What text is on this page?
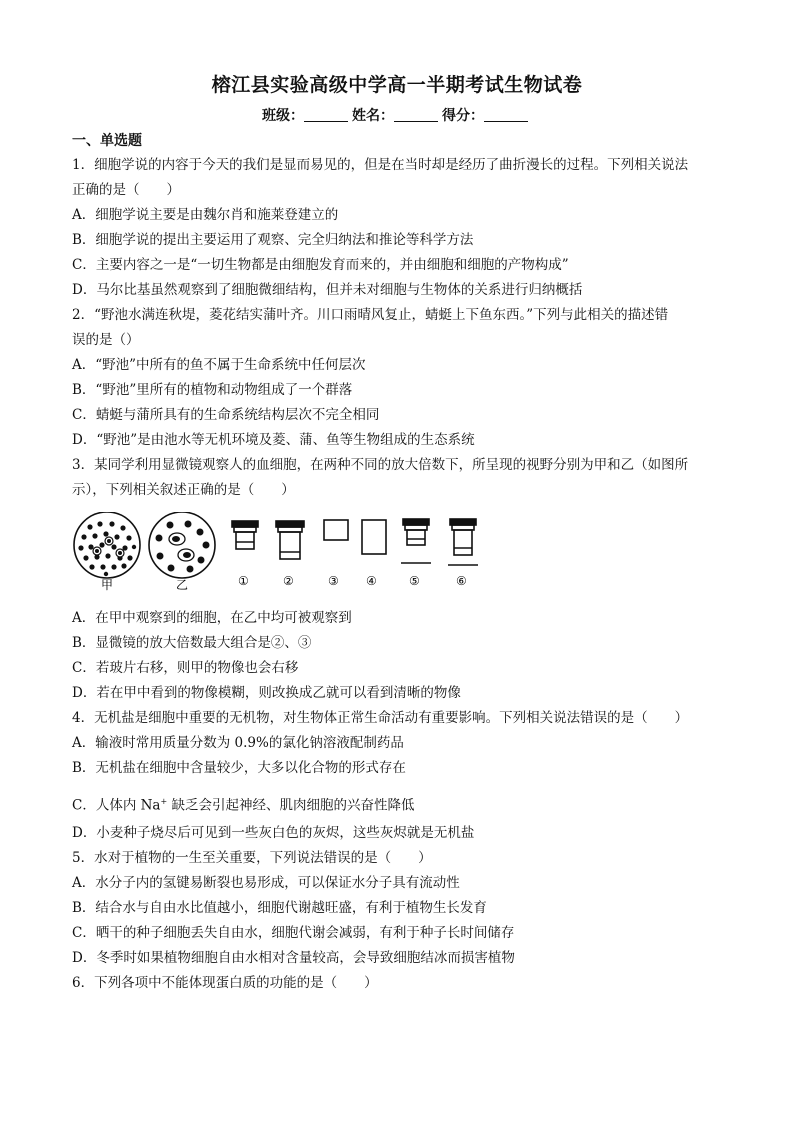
榕江县实验高级中学高一半期考试生物试卷
班级：	姓名：	得分：
一、单选题
1．细胞学说的内容于今天的我们是显而易见的，但是在当时却是经历了曲折漫长的过程。下列相关说法
正确的是（　　）
A．细胞学说主要是由魏尔肖和施莱登建立的
B．细胞学说的提出主要运用了观察、完全归纳法和推论等科学方法
C．主要内容之一是“一切生物都是由细胞发育而来的，并由细胞和细胞的产物构成”
D．马尔比基虽然观察到了细胞微细结构，但并未对细胞与生物体的关系进行归纳概括
2．“野池水满连秋堤，菱花结实蒲叶齐。川口雨晴风复止，蜻蜓上下鱼东西。”下列与此相关的描述错
误的是（）
A．“野池”中所有的鱼不属于生命系统中任何层次
B．“野池”里所有的植物和动物组成了一个群落
C．蜻蜓与蒲所具有的生命系统结构层次不完全相同
D．“野池”是由池水等无机环境及菱、蒲、鱼等生物组成的生态系统
3．某同学利用显微镜观察人的血细胞，在两种不同的放大倍数下，所呈现的视野分别为甲和乙（如图所
示），下列相关叙述正确的是（　　）
甲	乙	①	②	③ ④	⑤	⑥
A．在甲中观察到的细胞，在乙中均可被观察到
B．显微镜的放大倍数最大组合是②、③
C．若玻片右移，则甲的物像也会右移
D．若在甲中看到的物像模糊，则改换成乙就可以看到清晰的物像
4．无机盐是细胞中重要的无机物，对生物体正常生命活动有重要影响。下列相关说法错误的是（　　）
A．输液时常用质量分数为 0.9%的氯化钠溶液配制药品
B．无机盐在细胞中含量较少，大多以化合物的形式存在
C．人体内 Na+ 缺乏会引起神经、肌肉细胞的兴奋性降低
D．小麦种子烧尽后可见到一些灰白色的灰烬，这些灰烬就是无机盐
5．水对于植物的一生至关重要，下列说法错误的是（　　）
A．水分子内的氢键易断裂也易形成，可以保证水分子具有流动性
B．结合水与自由水比值越小，细胞代谢越旺盛，有利于植物生长发育
C．晒干的种子细胞丢失自由水，细胞代谢会减弱，有利于种子长时间储存
D．冬季时如果植物细胞自由水相对含量较高，会导致细胞结冰而损害植物
6．下列各项中不能体现蛋白质的功能的是（　　）
